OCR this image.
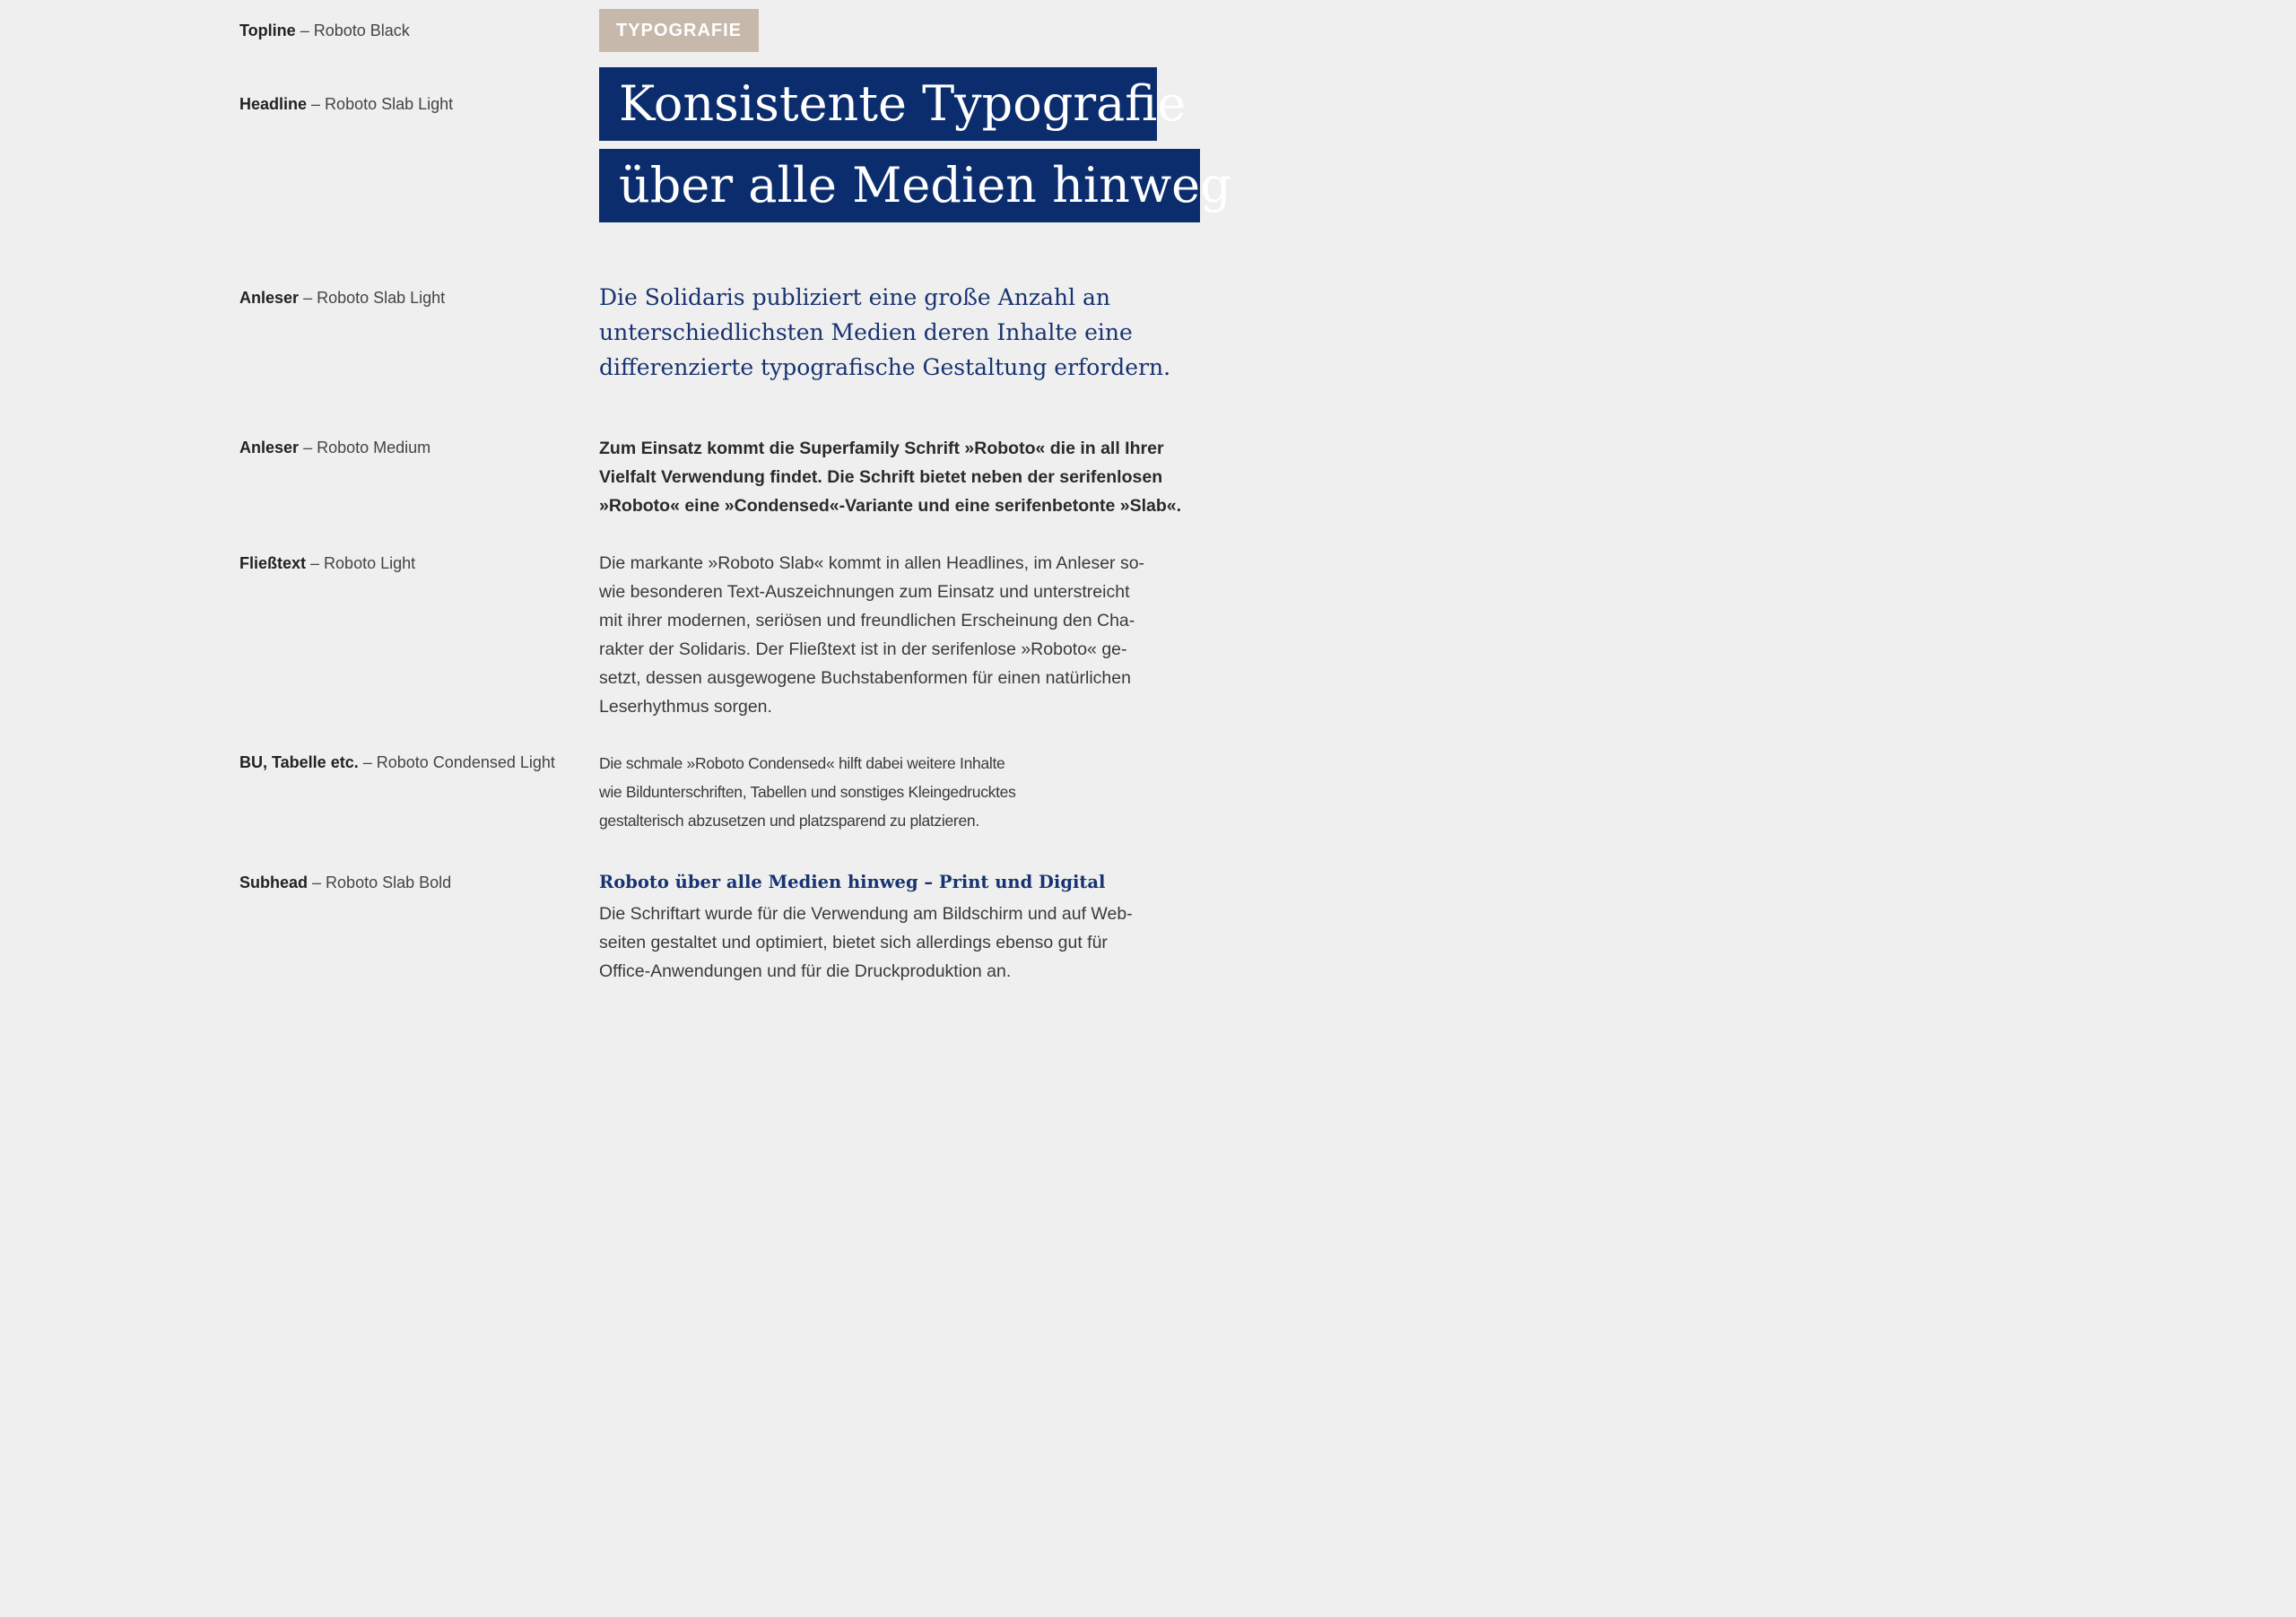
Topline – Roboto Black
Headline – Roboto Slab Light
Anleser – Roboto Slab Light
Anleser – Roboto Medium
Fließtext – Roboto Light
BU, Tabelle etc. – Roboto Condensed Light
Subhead – Roboto Slab Bold
TYPOGRAFIE
Konsistente Typografie
über alle Medien hinweg
Die Solidaris publiziert eine große Anzahl an
unterschiedlichsten Medien deren Inhalte eine
differenzierte typografische Gestaltung erfordern.
Zum Einsatz kommt die Superfamily Schrift »Roboto« die in all Ihrer
Vielfalt Verwendung findet. Die Schrift bietet neben der serifenlosen
»Roboto« eine »Condensed«-Variante und eine serifenbetonte »Slab«.
Die markante »Roboto Slab« kommt in allen Headlines, im Anleser so-
wie besonderen Text-Auszeichnungen zum Einsatz und unterstreicht
mit ihrer modernen, seriösen und freundlichen Erscheinung den Cha-
rakter der Solidaris. Der Fließtext ist in der serifenlose »Roboto« ge-
setzt, dessen ausgewogene Buchstabenformen für einen natürlichen
Leserhythmus sorgen.
Die schmale »Roboto Condensed« hilft dabei weitere Inhalte
wie Bildunterschriften, Tabellen und sonstiges Kleingedrucktes
gestalterisch abzusetzen und platzsparend zu platzieren.
Roboto über alle Medien hinweg – Print und Digital
Die Schriftart wurde für die Verwendung am Bildschirm und auf Web-
seiten gestaltet und optimiert, bietet sich allerdings ebenso gut für
Office-Anwendungen und für die Druckproduktion an.
